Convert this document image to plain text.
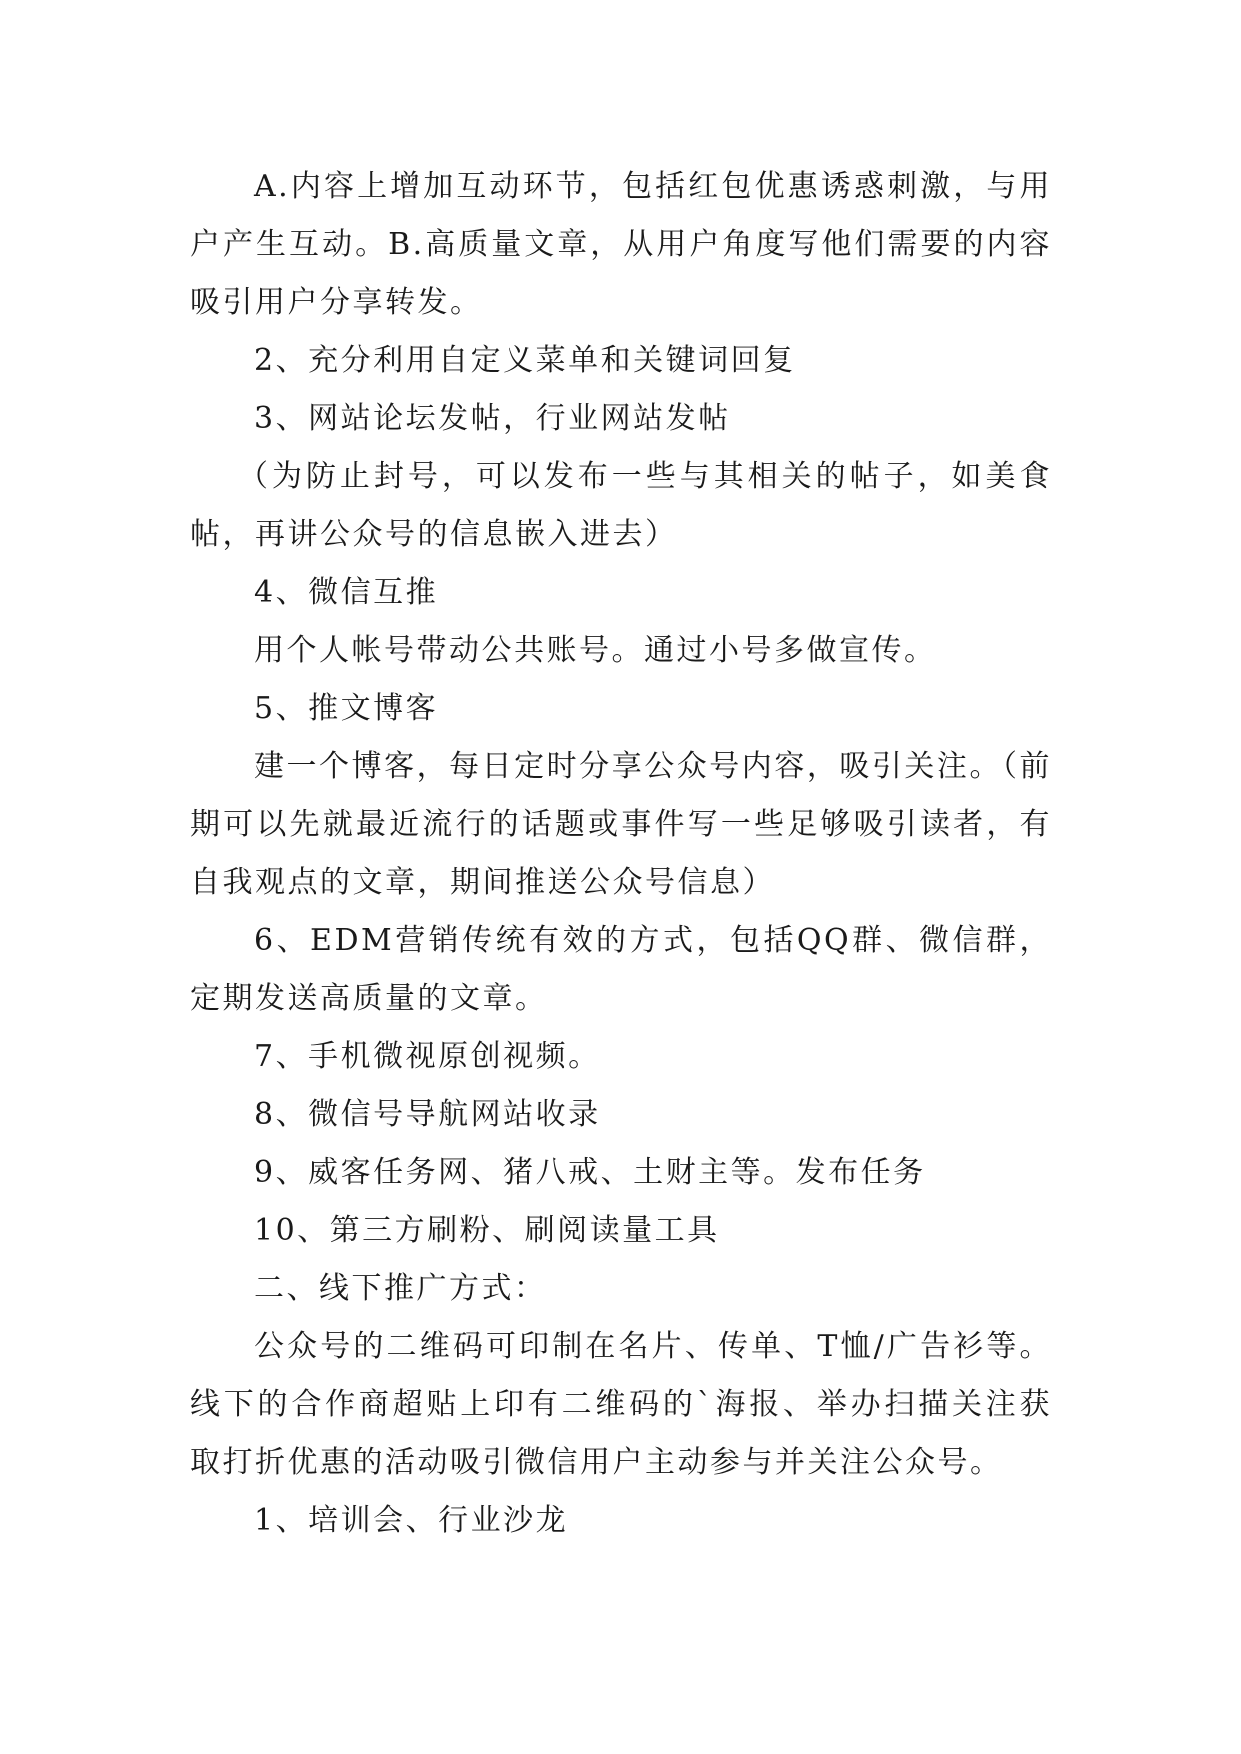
A.内容上增加互动环节，包括红包优惠诱惑刺激，与用户产生互动。B.高质量文章，从用户角度写他们需要的内容吸引用户分享转发。

2、充分利用自定义菜单和关键词回复

3、网站论坛发帖，行业网站发帖

（为防止封号，可以发布一些与其相关的帖子，如美食帖，再讲公众号的信息嵌入进去）

4、微信互推

用个人帐号带动公共账号。通过小号多做宣传。

5、推文博客

建一个博客，每日定时分享公众号内容，吸引关注。（前期可以先就最近流行的话题或事件写一些足够吸引读者，有自我观点的文章，期间推送公众号信息）

6、EDM营销传统有效的方式，包括QQ群、微信群，定期发送高质量的文章。

7、手机微视原创视频。

8、微信号导航网站收录

9、威客任务网、猪八戒、土财主等。发布任务

10、第三方刷粉、刷阅读量工具

二、线下推广方式：

公众号的二维码可印制在名片、传单、T恤/广告衫等。线下的合作商超贴上印有二维码的`海报、举办扫描关注获取打折优惠的活动吸引微信用户主动参与并关注公众号。

1、培训会、行业沙龙
